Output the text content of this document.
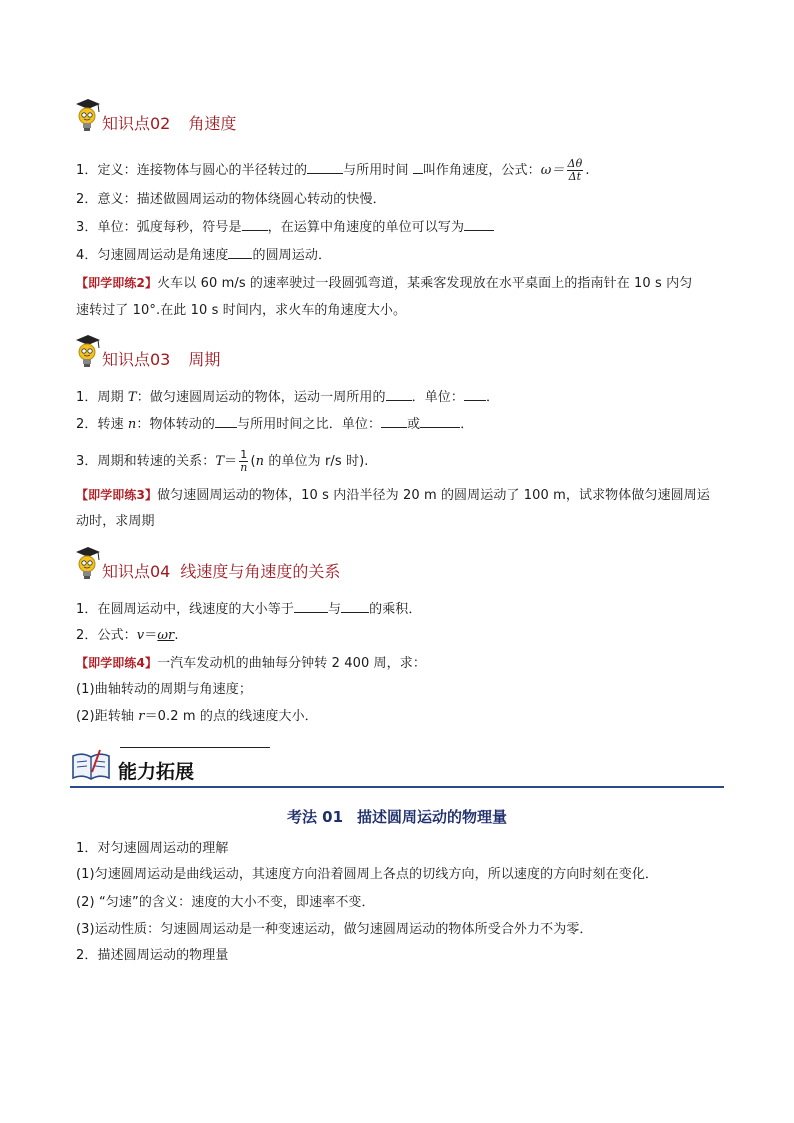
知识点02 角速度
1．定义：连接物体与圆心的半径转过的	与所用时间 叫作角速度，公式：$\omega= \frac{\Delta\theta}{\Delta t}$ .
2．意义：描述做圆周运动的物体绕圆心转动的快慢．
3．单位：弧度每秒，符号是 ，在运算中角速度的单位可以写为
4．匀速圆周运动是角速度 的圆周运动．
【即学即练2】火车以 60 m/s 的速率驶过一段圆弧弯道，某乘客发现放在水平桌面上的指南针在 10 s 内匀
速转过了 10°.在此 10 s 时间内，求火车的角速度大小。
知识点03 周期
1．周期 T：做匀速圆周运动的物体，运动一周所用的 ．单位： ．
2．转速 n：物体转动的 与所用时间之比．单位： 或	．
3．周期和转速的关系：$T= \frac{1}{n} (n$ 的单位为 r/s 时).
【即学即练3】做匀速圆周运动的物体，10 s 内沿半径为 20 m 的圆周运动了 100 m，试求物体做匀速圆周运
动时，求周期
知识点04 线速度与角速度的关系
1．在圆周运动中，线速度的大小等于	与 的乘积．
2．公式：v＝ωr.
【即学即练4】一汽车发动机的曲轴每分钟转 2 400 周，求：
(1)曲轴转动的周期与角速度；
(2)距转轴 r＝0.2 m 的点的线速度大小．
能力拓展
考法 01 描述圆周运动的物理量
1．对匀速圆周运动的理解
(1)匀速圆周运动是曲线运动，其速度方向沿着圆周上各点的切线方向，所以速度的方向时刻在变化．
(2) “匀速”的含义：速度的大小不变，即速率不变．
(3)运动性质：匀速圆周运动是一种变速运动，做匀速圆周运动的物体所受合外力不为零．
2．描述圆周运动的物理量
